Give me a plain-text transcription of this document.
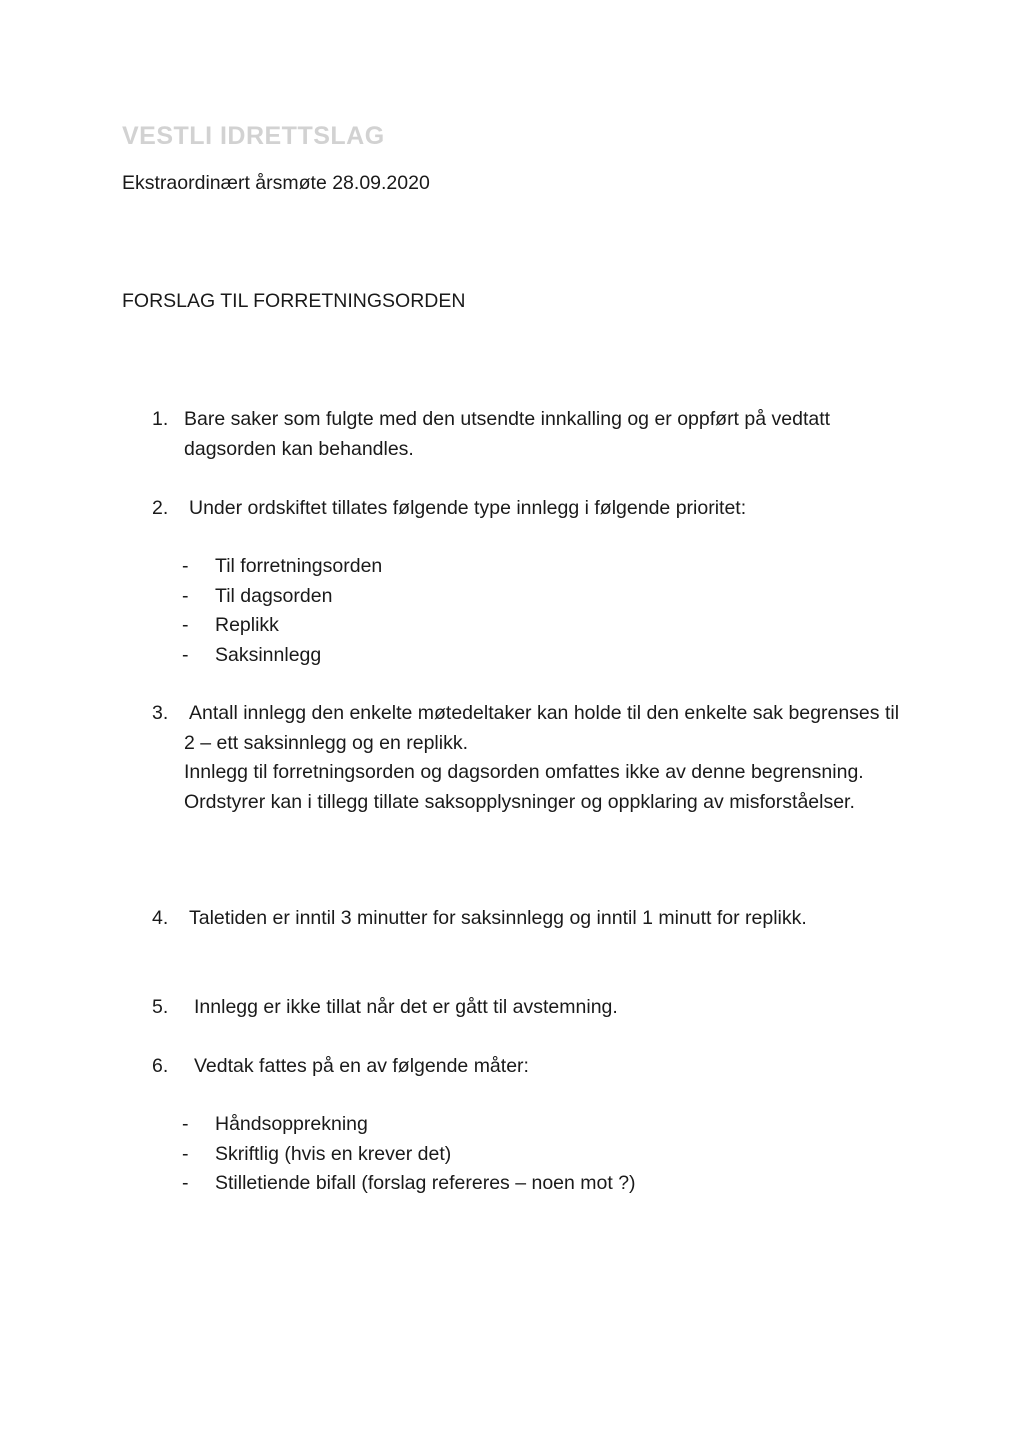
VESTLI IDRETTSLAG

Ekstraordinært årsmøte 28.09.2020

FORSLAG TIL FORRETNINGSORDEN

1. Bare saker som fulgte med den utsendte innkalling og er oppført på vedtatt dagsorden kan behandles.

2. Under ordskiftet tillates følgende type innlegg i følgende prioritet:

- Til forretningsorden
- Til dagsorden
- Replikk
- Saksinnlegg
3. Antall innlegg den enkelte møtedeltaker kan holde til den enkelte sak begrenses til 2 – ett saksinnlegg og en replikk.

Innlegg til forretningsorden og dagsorden omfattes ikke av denne begrensning.

Ordstyrer kan i tillegg tillate saksopplysninger og oppklaring av misforståelser.

4. Taletiden er inntil 3 minutter for saksinnlegg og inntil 1 minutt for replikk.

5. Innlegg er ikke tillat når det er gått til avstemning.

6. Vedtak fattes på en av følgende måter:

- Håndsopprekning
- Skriftlig (hvis en krever det)
- Stilletiende bifall (forslag refereres – noen mot ?)
